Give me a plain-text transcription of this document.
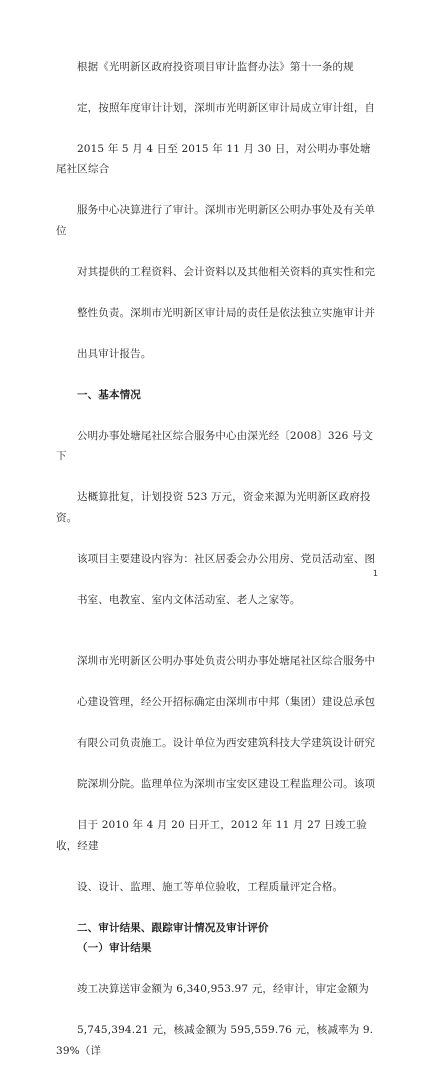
根据《光明新区政府投资项目审计监督办法》第十一条的规

定，按照年度审计计划，深圳市光明新区审计局成立审计组，自

2015 年 5 月 4 日至 2015 年 11 月 30 日，对公明办事处塘尾社区综合

服务中心决算进行了审计。深圳市光明新区公明办事处及有关单位

对其提供的工程资料、会计资料以及其他相关资料的真实性和完

整性负责。深圳市光明新区审计局的责任是依法独立实施审计并

出具审计报告。

一、基本情况

公明办事处塘尾社区综合服务中心由深光经〔2008〕326 号文下

达概算批复，计划投资 523 万元，资金来源为光明新区政府投资。

该项目主要建设内容为：社区居委会办公用房、党员活动室、图

书室、电教室、室内文体活动室、老人之家等。

深圳市光明新区公明办事处负责公明办事处塘尾社区综合服务中

心建设管理，经公开招标确定由深圳市中邦（集团）建设总承包

有限公司负责施工。设计单位为西安建筑科技大学建筑设计研究

院深圳分院。监理单位为深圳市宝安区建设工程监理公司。该项

目于 2010 年 4 月 20 日开工，2012 年 11 月 27 日竣工验收，经建

设、设计、监理、施工等单位验收，工程质量评定合格。

二、审计结果、跟踪审计情况及审计评价

（一）审计结果

竣工决算送审金额为 6,340,953.97 元，经审计，审定金额为

5,745,394.21 元，核减金额为 595,559.76 元，核减率为 9.39%（详

1
